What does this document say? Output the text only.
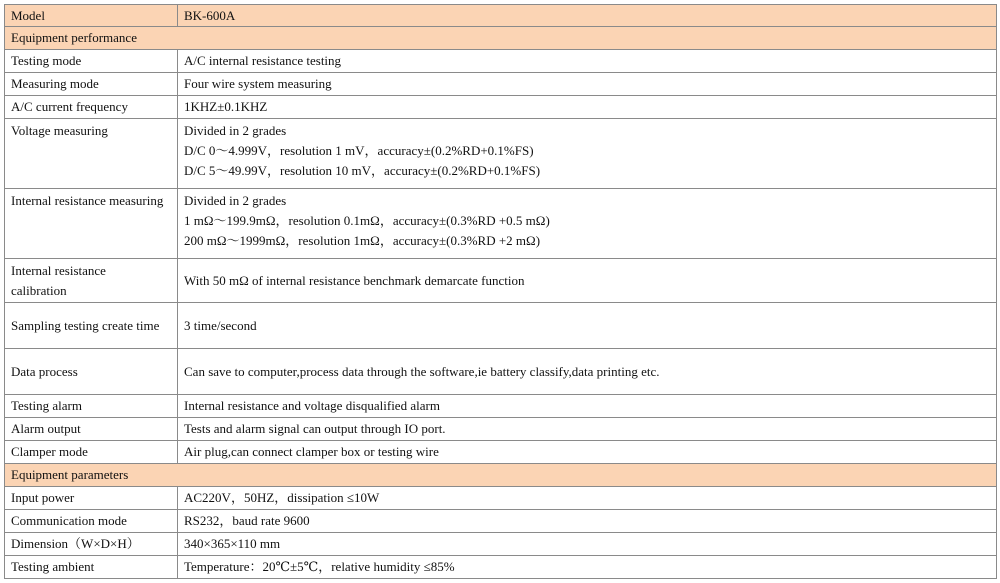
Model	BK-600A
Equipment performance	
Testing mode	A/C internal resistance testing
Measuring mode	Four wire system measuring
A/C current frequency	1KHZ±0.1KHZ
Voltage measuring	Divided in 2 grades
D/C 0～4.999V，resolution 1 mV，accuracy±(0.2%RD+0.1%FS)
D/C 5～49.99V，resolution 10 mV，accuracy±(0.2%RD+0.1%FS)

Internal resistance measuring	Divided in 2 grades
1 mΩ～199.9mΩ，resolution 0.1mΩ，accuracy±(0.3%RD +0.5 mΩ)
200 mΩ～1999mΩ，resolution 1mΩ，accuracy±(0.3%RD +2 mΩ)

Internal resistance
calibration	With 50 mΩ of internal resistance benchmark demarcate function
Sampling testing create time	3 time/second
Data process	Can save to computer,process data through the software,ie battery classify,data printing etc.
Testing alarm	Internal resistance and voltage disqualified alarm
Alarm output	Tests and alarm signal can output through IO port.
Clamper mode	Air plug,can connect clamper box or testing wire
Equipment parameters	
Input power	AC220V，50HZ，dissipation ≤10W
Communication mode	RS232，baud rate 9600
Dimension（W×D×H）	340×365×110 mm
Testing ambient	Temperature：20℃±5℃，relative humidity ≤85%
